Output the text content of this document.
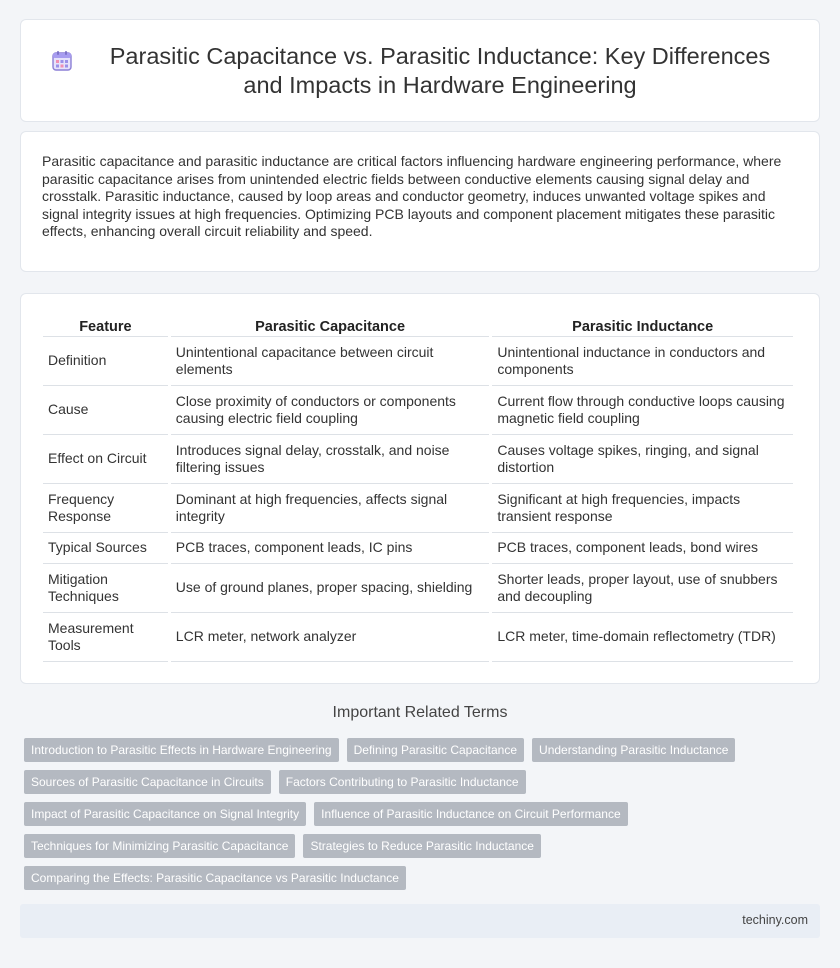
Parasitic Capacitance vs. Parasitic Inductance: Key Differences and Impacts in Hardware Engineering

Parasitic capacitance and parasitic inductance are critical factors influencing hardware engineering performance, where parasitic capacitance arises from unintended electric fields between conductive elements causing signal delay and crosstalk. Parasitic inductance, caused by loop areas and conductor geometry, induces unwanted voltage spikes and signal integrity issues at high frequencies. Optimizing PCB layouts and component placement mitigates these parasitic effects, enhancing overall circuit reliability and speed.

Feature	Parasitic Capacitance	Parasitic Inductance
Definition	Unintentional capacitance between circuit elements	Unintentional inductance in conductors and components
Cause	Close proximity of conductors or components causing electric field coupling	Current flow through conductive loops causing magnetic field coupling
Effect on Circuit	Introduces signal delay, crosstalk, and noise filtering issues	Causes voltage spikes, ringing, and signal distortion
Frequency Response	Dominant at high frequencies, affects signal integrity	Significant at high frequencies, impacts transient response
Typical Sources	PCB traces, component leads, IC pins	PCB traces, component leads, bond wires
Mitigation Techniques	Use of ground planes, proper spacing, shielding	Shorter leads, proper layout, use of snubbers and decoupling
Measurement Tools	LCR meter, network analyzer	LCR meter, time-domain reflectometry (TDR)
Important Related Terms
Introduction to Parasitic Effects in Hardware Engineering	Defining Parasitic Capacitance	Understanding Parasitic Inductance
Sources of Parasitic Capacitance in Circuits	Factors Contributing to Parasitic Inductance
Impact of Parasitic Capacitance on Signal Integrity	Influence of Parasitic Inductance on Circuit Performance
Techniques for Minimizing Parasitic Capacitance	Strategies to Reduce Parasitic Inductance
Comparing the Effects: Parasitic Capacitance vs Parasitic Inductance
techiny.com
